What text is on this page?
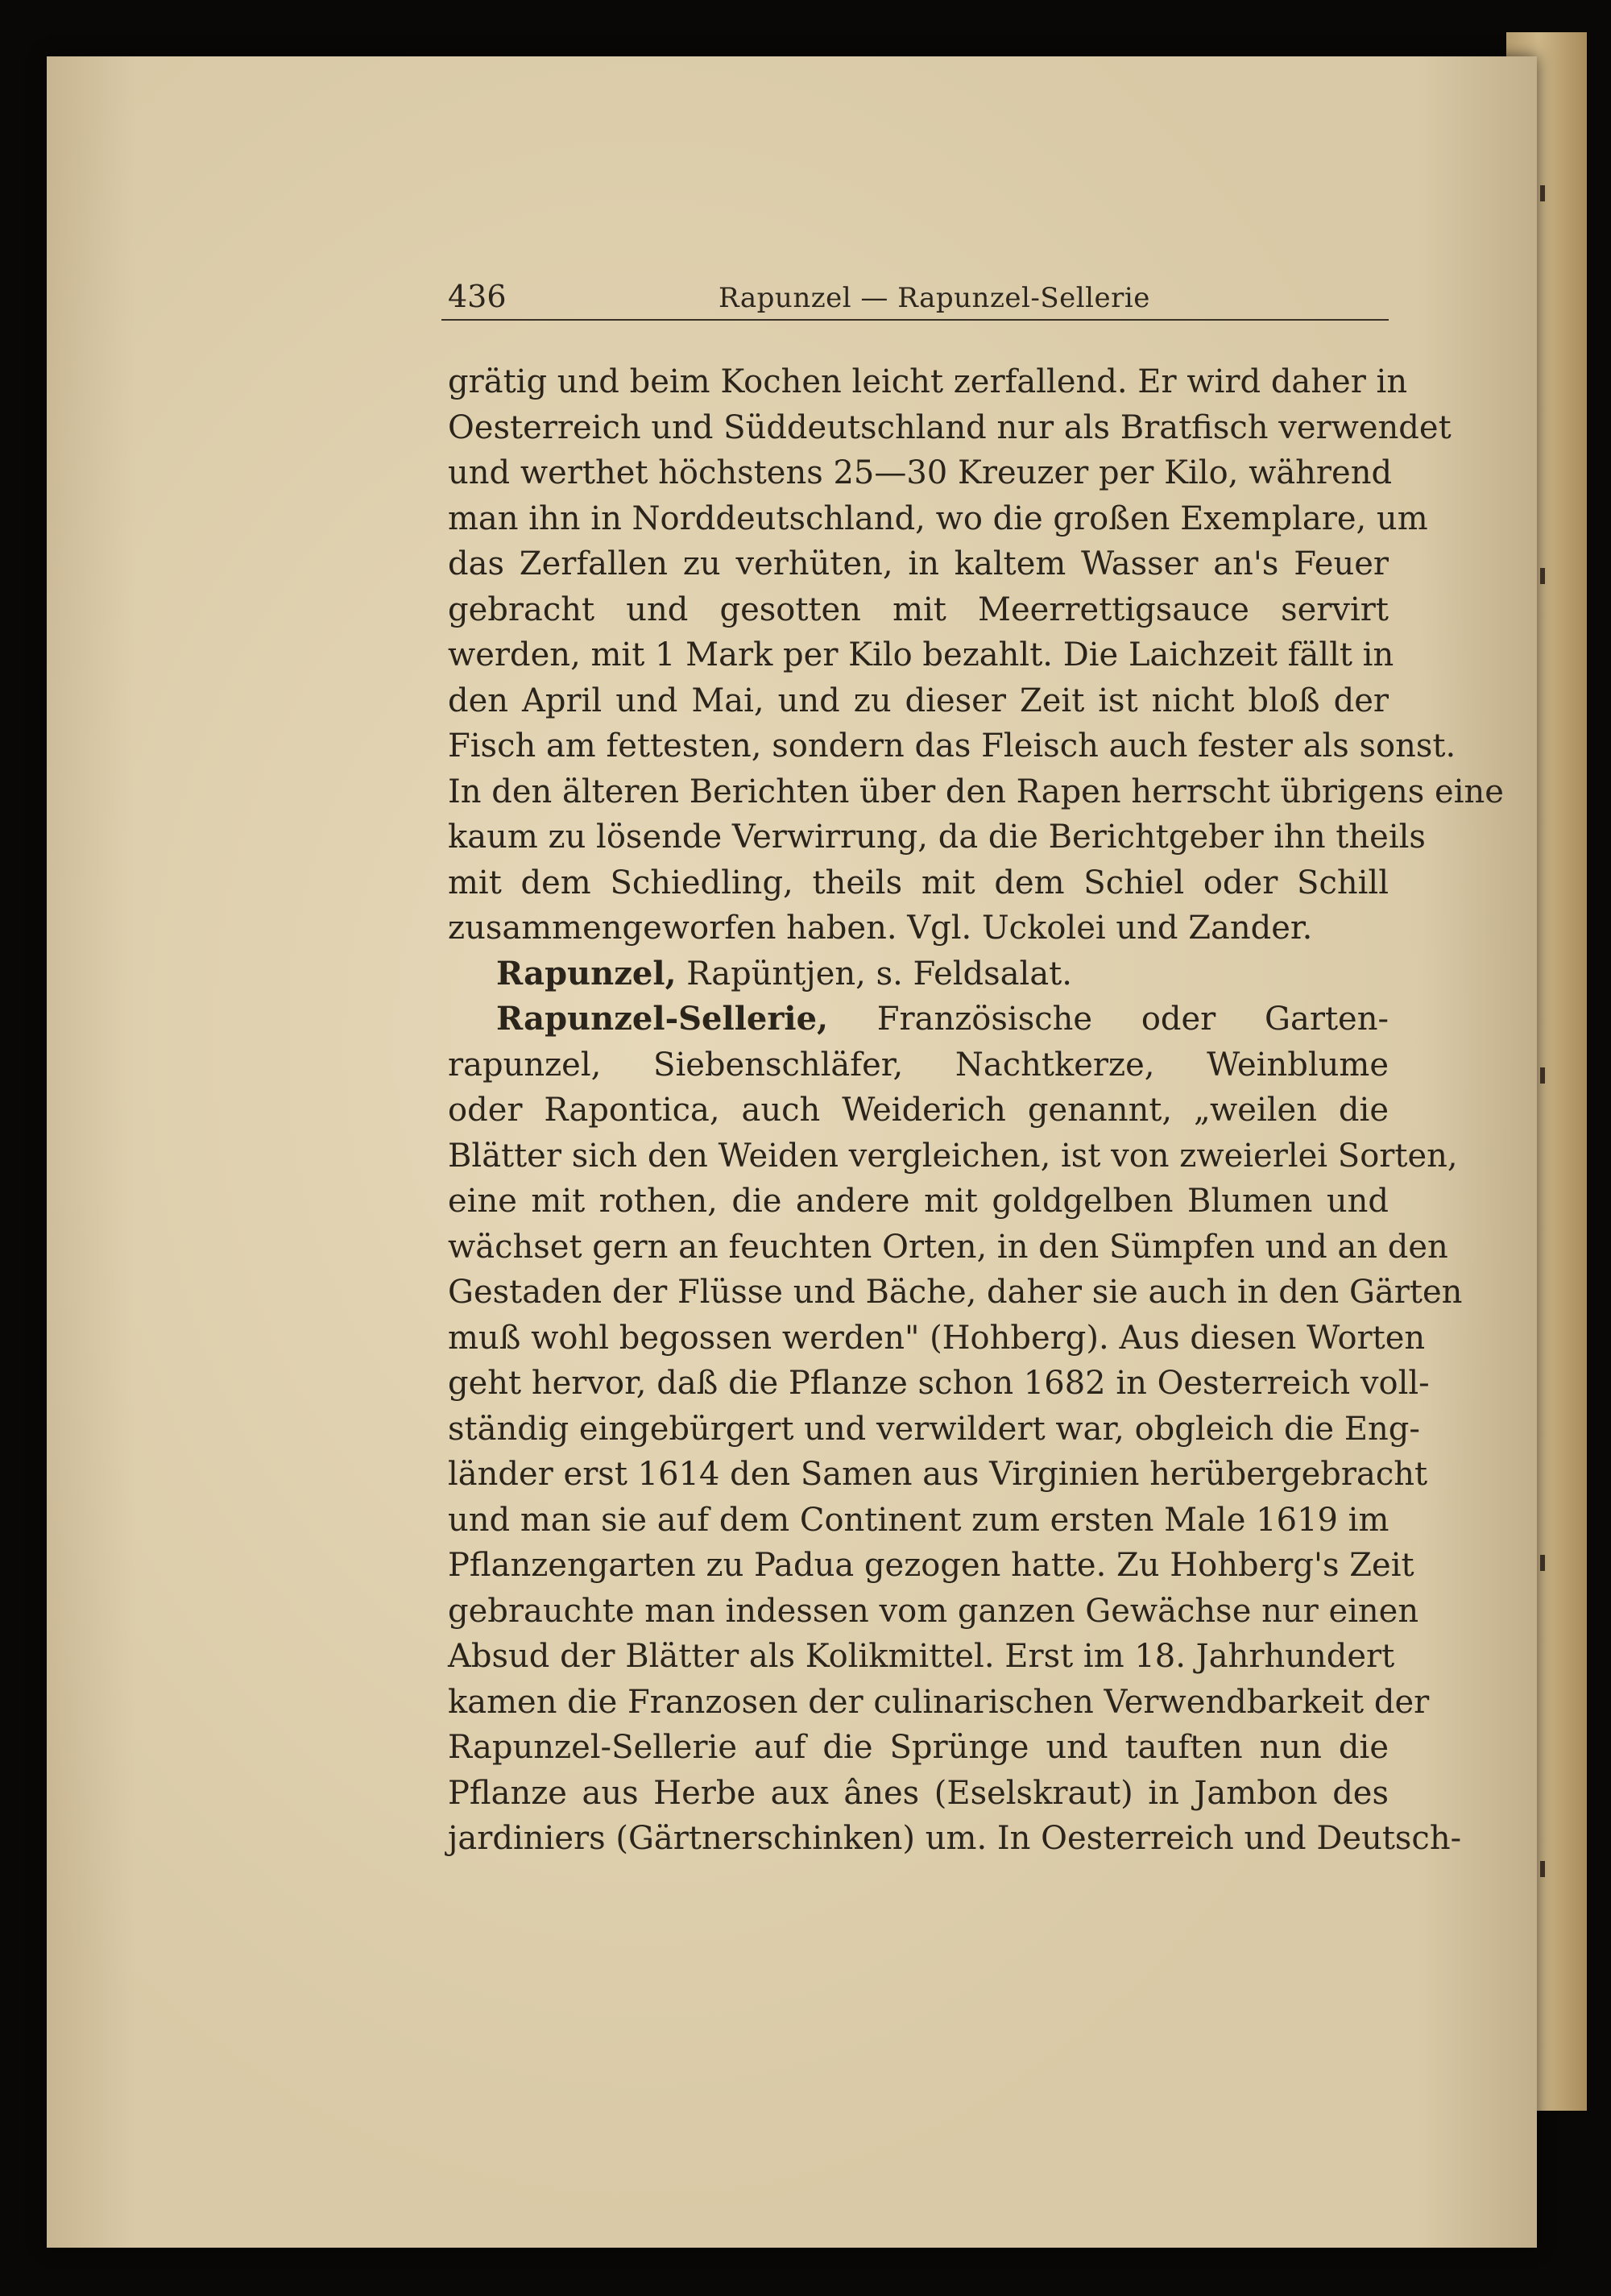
436	Rapunzel — Rapunzel-Sellerie

grätig und beim Kochen leicht zerfallend. Er wird daher in
Oesterreich und Süddeutschland nur als Bratfisch verwendet
und werthet höchstens 25—30 Kreuzer per Kilo, während
man ihn in Norddeutschland, wo die großen Exemplare, um
das Zerfallen zu verhüten, in kaltem Wasser an's Feuer
gebracht und gesotten mit Meerrettigsauce servirt
werden, mit 1 Mark per Kilo bezahlt. Die Laichzeit fällt in
den April und Mai, und zu dieser Zeit ist nicht bloß der
Fisch am fettesten, sondern das Fleisch auch fester als sonst.
In den älteren Berichten über den Rapen herrscht übrigens eine
kaum zu lösende Verwirrung, da die Berichtgeber ihn theils
mit dem Schiedling, theils mit dem Schiel oder Schill
zusammengeworfen haben. Vgl. Uckolei und Zander.
Rapunzel, Rapüntjen, s. Feldsalat.
Rapunzel-Sellerie, Französische oder Garten-
rapunzel, Siebenschläfer, Nachtkerze, Weinblume
oder Rapontica, auch Weiderich genannt, „weilen die
Blätter sich den Weiden vergleichen, ist von zweierlei Sorten,
eine mit rothen, die andere mit goldgelben Blumen und
wächset gern an feuchten Orten, in den Sümpfen und an den
Gestaden der Flüsse und Bäche, daher sie auch in den Gärten
muß wohl begossen werden" (Hohberg). Aus diesen Worten
geht hervor, daß die Pflanze schon 1682 in Oesterreich voll-
ständig eingebürgert und verwildert war, obgleich die Eng-
länder erst 1614 den Samen aus Virginien herübergebracht
und man sie auf dem Continent zum ersten Male 1619 im
Pflanzengarten zu Padua gezogen hatte. Zu Hohberg's Zeit
gebrauchte man indessen vom ganzen Gewächse nur einen
Absud der Blätter als Kolikmittel. Erst im 18. Jahrhundert
kamen die Franzosen der culinarischen Verwendbarkeit der
Rapunzel-Sellerie auf die Sprünge und tauften nun die
Pflanze aus Herbe aux ânes (Eselskraut) in Jambon des
jardiniers (Gärtnerschinken) um. In Oesterreich und Deutsch-
